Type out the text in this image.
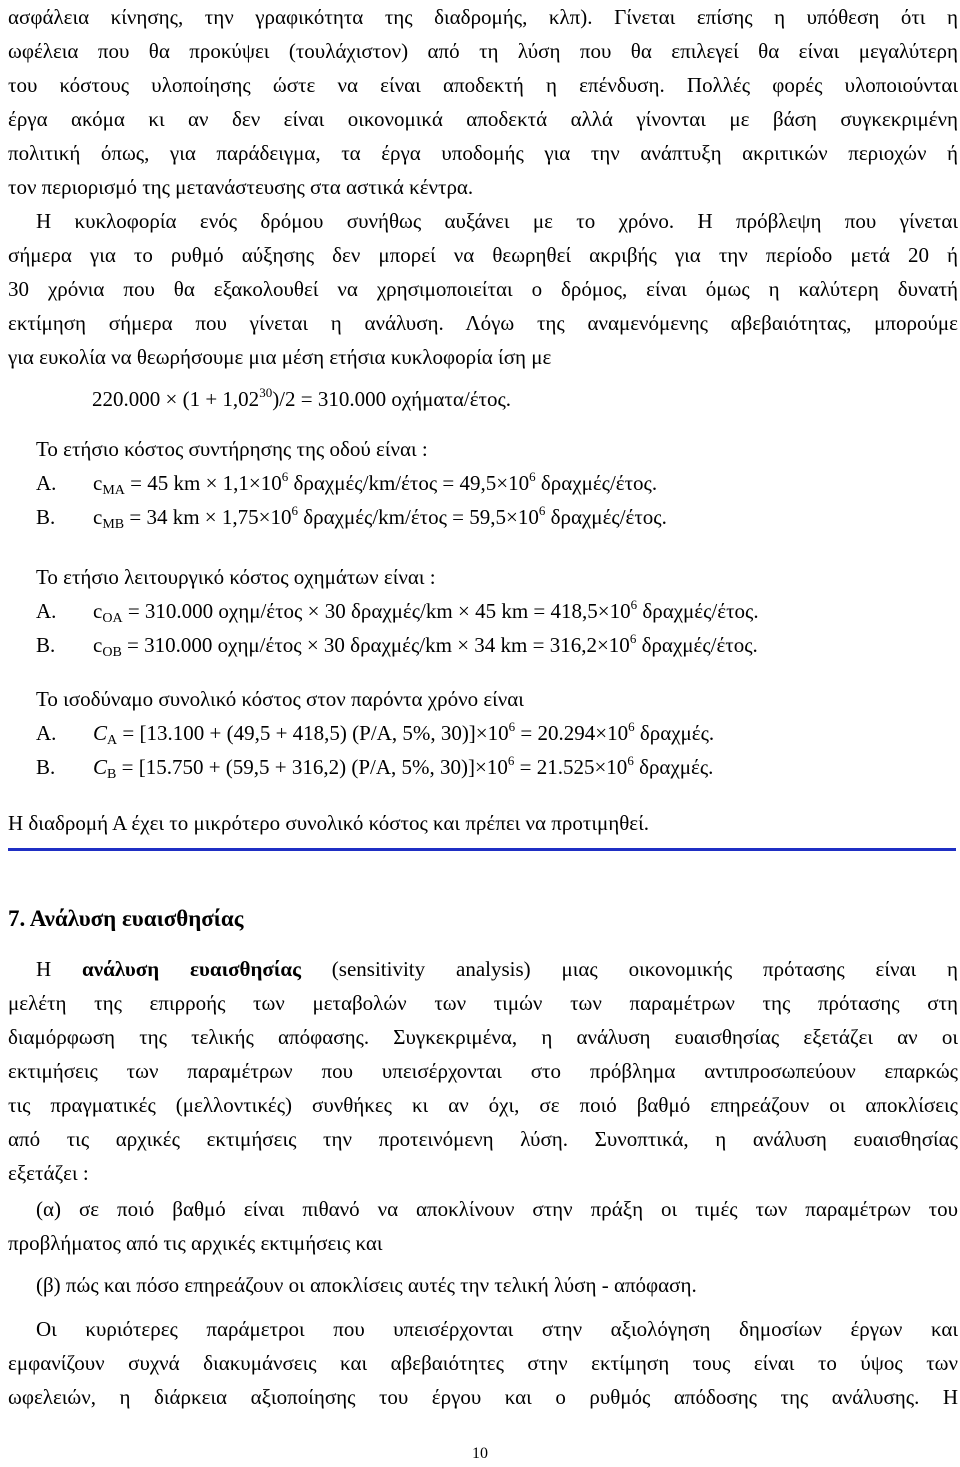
ασφάλεια κίνησης, την γραφικότητα της διαδρομής, κλπ). Γίνεται επίσης η υπόθεση ότι η
ωφέλεια που θα προκύψει (τουλάχιστον) από τη λύση που θα επιλεγεί θα είναι μεγαλύτερη
του κόστους υλοποίησης ώστε να είναι αποδεκτή η επένδυση. Πολλές φορές υλοποιούνται
έργα ακόμα κι αν δεν είναι οικονομικά αποδεκτά αλλά γίνονται με βάση συγκεκριμένη
πολιτική όπως, για παράδειγμα, τα έργα υποδομής για την ανάπτυξη ακριτικών περιοχών ή
τον περιορισμό της μετανάστευσης στα αστικά κέντρα.
Η κυκλοφορία ενός δρόμου συνήθως αυξάνει με το χρόνο. Η πρόβλεψη που γίνεται
σήμερα για το ρυθμό αύξησης δεν μπορεί να θεωρηθεί ακριβής για την περίοδο μετά 20 ή
30 χρόνια που θα εξακολουθεί να χρησιμοποιείται ο δρόμος, είναι όμως η καλύτερη δυνατή
εκτίμηση σήμερα που γίνεται η ανάλυση. Λόγω της αναμενόμενης αβεβαιότητας, μπορούμε
για ευκολία να θεωρήσουμε μια μέση ετήσια κυκλοφορία ίση με
$220.000 \times (1 + 1,02^{30})/2 = 310.000$ οχήματα/έτος.
Το ετήσιο κόστος συντήρησης της οδού είναι :
Α. $c_{MA} = 45$ km × $1,1\times 10^6$ $\delta\rho\alpha\chi\mu έ\varsigma/km/έ\tau o\varsigma = 49,5\times 10^6$ δραχμές/έτος.
Β. $c_{MB} = 34$ km × $1,75\times 10^6$ $\delta\rho\alpha\chi\mu έ\varsigma/km/έ\tau o\varsigma = 59,5\times 10^6$ δραχμές/έτος.
Το ετήσιο λειτουργικό κόστος οχημάτων είναι :
Α. $c_{OA} = 310.000$ οχημ/έτος × 30 δραχμές/km × 45 km = $418,5\times 10^6$ δραχμές/έτος.
Β. $c_{OB} = 310.000$ οχημ/έτος × 30 δραχμές/km × 34 km = $316,2\times 10^6$ δραχμές/έτος.
Το ισοδύναμο συνολικό κόστος στον παρόντα χρόνο είναι
Α. $C_A = [13.100 + (49,5 + 418,5)$ (P/A, 5%, $30)]\times 10^6 = 20.294\times 10^6$ δραχμές.
Β. $C_B = [15.750 + (59,5 + 316,2)$ (P/A, 5%, $30)]\times 10^6 = 21.525\times 10^6$ δραχμές.
Η διαδρομή Α έχει το μικρότερο συνολικό κόστος και πρέπει να προτιμηθεί.
7. Ανάλυση ευαισθησίας
Η ανάλυση ευαισθησίας (sensitivity analysis) μιας οικονομικής πρότασης είναι η
μελέτη της επιρροής των μεταβολών των τιμών των παραμέτρων της πρότασης στη
διαμόρφωση της τελικής απόφασης. Συγκεκριμένα, η ανάλυση ευαισθησίας εξετάζει αν οι
εκτιμήσεις των παραμέτρων που υπεισέρχονται στο πρόβλημα αντιπροσωπεύουν επαρκώς
τις πραγματικές (μελλοντικές) συνθήκες κι αν όχι, σε ποιό βαθμό επηρεάζουν οι αποκλίσεις
από τις αρχικές εκτιμήσεις την προτεινόμενη λύση. Συνοπτικά, η ανάλυση ευαισθησίας
εξετάζει :
(α) σε ποιό βαθμό είναι πιθανό να αποκλίνουν στην πράξη οι τιμές των παραμέτρων του
προβλήματος από τις αρχικές εκτιμήσεις και
(β) πώς και πόσο επηρεάζουν οι αποκλίσεις αυτές την τελική λύση - απόφαση.
Οι κυριότερες παράμετροι που υπεισέρχονται στην αξιολόγηση δημοσίων έργων και
εμφανίζουν συχνά διακυμάνσεις και αβεβαιότητες στην εκτίμηση τους είναι το ύψος των
ωφελειών, η διάρκεια αξιοποίησης του έργου και ο ρυθμός απόδοσης της ανάλυσης. Η
10
